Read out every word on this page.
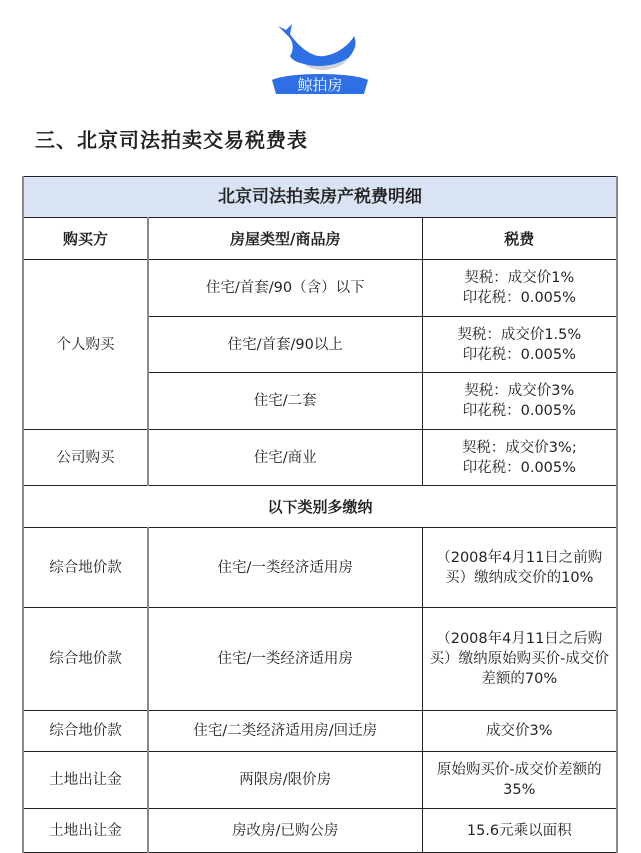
鲸拍房
三、北京司法拍卖交易税费表
北京司法拍卖房产税费明细		
购买方	房屋类型/商品房	税费
个人购买	住宅/首套/90（含）以下	契税：成交价1%
印花税：0.005%

	住宅/首套/90以上	契税：成交价1.5%
印花税：0.005%

	住宅/二套	契税：成交价3%
印花税：0.005%

公司购买	住宅/商业	契税：成交价3%;
印花税：0.005%

以下类别多缴纳		
综合地价款	住宅/一类经济适用房	（2008年4月11日之前购买）缴纳成交价的10%
综合地价款	住宅/一类经济适用房	（2008年4月11日之后购买）缴纳原始购买价-成交价差额的70%
综合地价款	住宅/二类经济适用房/回迁房	成交价3%
土地出让金	两限房/限价房	原始购买价-成交价差额的35%
土地出让金	房改房/已购公房	15.6元乘以面积
